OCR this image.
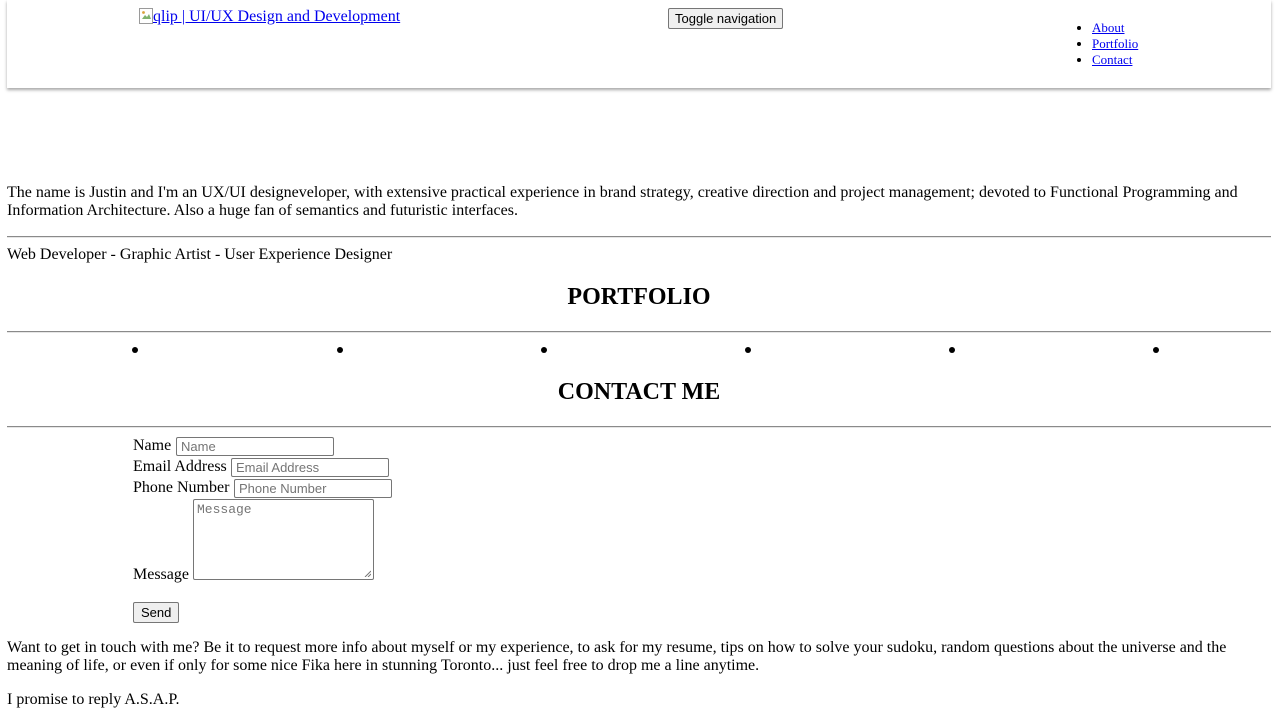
qlip | UI/UX Design and Development	Toggle navigation
• About
• Portfolio
• Contact

The name is Justin and I'm an UX/UI designeveloper, with extensive practical experience in brand strategy, creative direction and project management; devoted to Functional Programming and Information Architecture. Also a huge fan of semantics and futuristic interfaces.

Web Developer - Graphic Artist - User Experience Designer

PORTFOLIO
CONTACT ME
Name Name
Email Address Email Address
Phone Number Phone Number
Message
Message
Send

Want to get in touch with me? Be it to request more info about myself or my experience, to ask for my resume, tips on how to solve your sudoku, random questions about the universe and the meaning of life, or even if only for some nice Fika here in stunning Toronto... just feel free to drop me a line anytime.

I promise to reply A.S.A.P.
